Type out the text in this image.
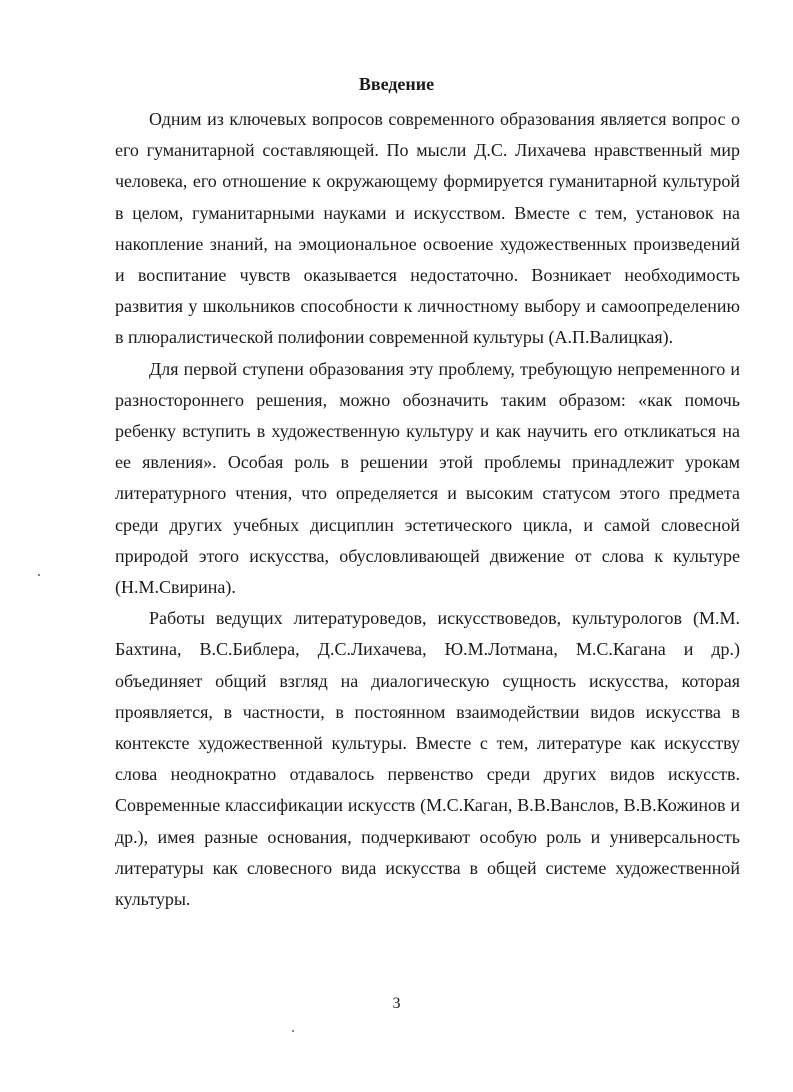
Введение

Одним из ключевых вопросов современного образования является вопрос о его гуманитарной составляющей. По мысли Д.С. Лихачева нравственный мир человека, его отношение к окружающему формируется гуманитарной культурой в целом, гуманитарными науками и искусством. Вместе с тем, установок на накопление знаний, на эмоциональное освоение художественных произведений и воспитание чувств оказывается недостаточно. Возникает необходимость развития у школьников способности к личностному выбору и самоопределению в плюралистической полифонии современной культуры (А.П.Валицкая).

Для первой ступени образования эту проблему, требующую непременного и разностороннего решения, можно обозначить таким образом: «как помочь ребенку вступить в художественную культуру и как научить его откликаться на ее явления». Особая роль в решении этой проблемы принадлежит урокам литературного чтения, что определяется и высоким статусом этого предмета среди других учебных дисциплин эстетического цикла, и самой словесной природой этого искусства, обусловливающей движение от слова к культуре (Н.М.Свирина).

Работы ведущих литературоведов, искусствоведов, культурологов (М.М. Бахтина, В.С.Библера, Д.С.Лихачева, Ю.М.Лотмана, М.С.Кагана и др.) объединяет общий взгляд на диалогическую сущность искусства, которая проявляется, в частности, в постоянном взаимодействии видов искусства в контексте художественной культуры. Вместе с тем, литературе как искусству слова неоднократно отдавалось первенство среди других видов искусств. Современные классификации искусств (М.С.Каган, В.В.Ванслов, В.В.Кожинов и др.), имея разные основания, подчеркивают особую роль и универсальность литературы как словесного вида искусства в общей системе художественной культуры.

3
